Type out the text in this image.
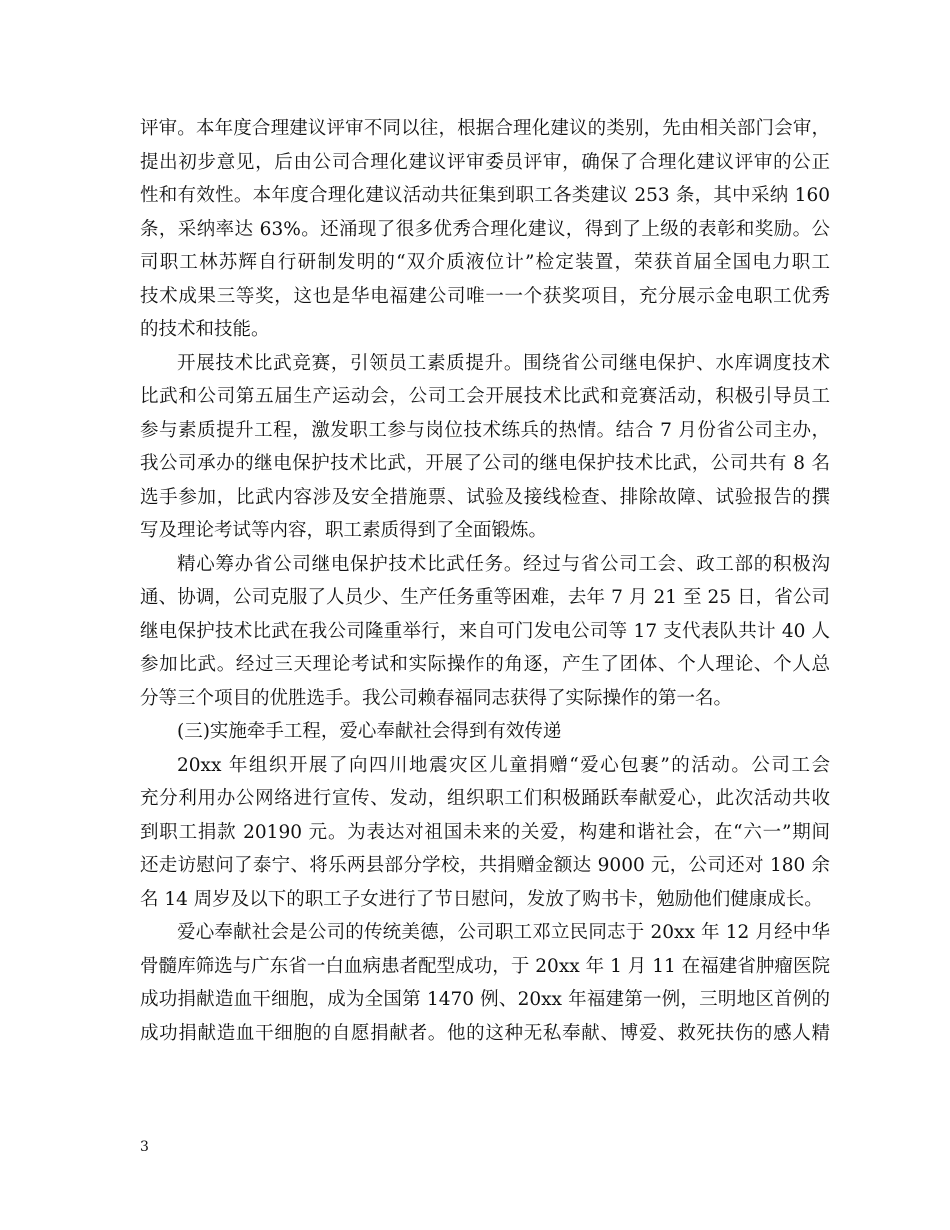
评审。本年度合理建议评审不同以往，根据合理化建议的类别，先由相关部门会审，
提出初步意见，后由公司合理化建议评审委员评审，确保了合理化建议评审的公正
性和有效性。本年度合理化建议活动共征集到职工各类建议 253 条，其中采纳 160
条，采纳率达 63%。还涌现了很多优秀合理化建议，得到了上级的表彰和奖励。公
司职工林苏辉自行研制发明的“双介质液位计”检定装置，荣获首届全国电力职工
技术成果三等奖，这也是华电福建公司唯一一个获奖项目，充分展示金电职工优秀
的技术和技能。
开展技术比武竞赛，引领员工素质提升。围绕省公司继电保护、水库调度技术
比武和公司第五届生产运动会，公司工会开展技术比武和竞赛活动，积极引导员工
参与素质提升工程，激发职工参与岗位技术练兵的热情。结合 7 月份省公司主办，
我公司承办的继电保护技术比武，开展了公司的继电保护技术比武，公司共有 8 名
选手参加，比武内容涉及安全措施票、试验及接线检查、排除故障、试验报告的撰
写及理论考试等内容，职工素质得到了全面锻炼。
精心筹办省公司继电保护技术比武任务。经过与省公司工会、政工部的积极沟
通、协调，公司克服了人员少、生产任务重等困难，去年 7 月 21 至 25 日，省公司
继电保护技术比武在我公司隆重举行，来自可门发电公司等 17 支代表队共计 40 人
参加比武。经过三天理论考试和实际操作的角逐，产生了团体、个人理论、个人总
分等三个项目的优胜选手。我公司赖春福同志获得了实际操作的第一名。
(三)实施牵手工程，爱心奉献社会得到有效传递
20xx 年组织开展了向四川地震灾区儿童捐赠“爱心包裹”的活动。公司工会
充分利用办公网络进行宣传、发动，组织职工们积极踊跃奉献爱心，此次活动共收
到职工捐款 20190 元。为表达对祖国未来的关爱，构建和谐社会，在“六一”期间
还走访慰问了泰宁、将乐两县部分学校，共捐赠金额达 9000 元，公司还对 180 余
名 14 周岁及以下的职工子女进行了节日慰问，发放了购书卡，勉励他们健康成长。
爱心奉献社会是公司的传统美德，公司职工邓立民同志于 20xx 年 12 月经中华
骨髓库筛选与广东省一白血病患者配型成功，于 20xx 年 1 月 11 在福建省肿瘤医院
成功捐献造血干细胞，成为全国第 1470 例、20xx 年福建第一例，三明地区首例的
成功捐献造血干细胞的自愿捐献者。他的这种无私奉献、博爱、救死扶伤的感人精
3
